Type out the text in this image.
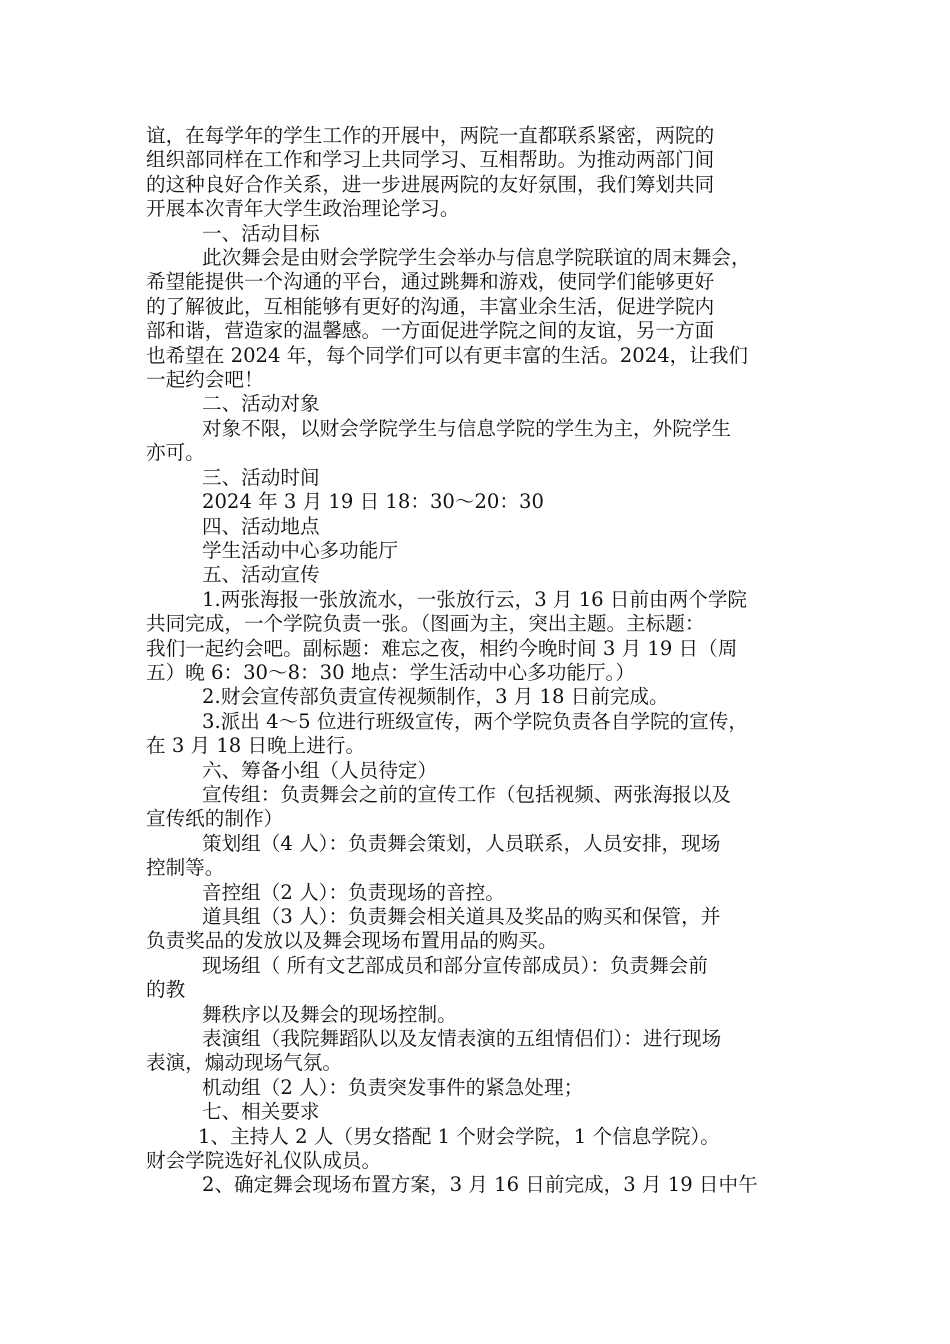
谊，在每学年的学生工作的开展中，两院一直都联系紧密，两院的

组织部同样在工作和学习上共同学习、互相帮助。为推动两部门间

的这种良好合作关系，进一步进展两院的友好氛围，我们筹划共同

开展本次青年大学生政治理论学习。

一、活动目标

此次舞会是由财会学院学生会举办与信息学院联谊的周末舞会，

希望能提供一个沟通的平台，通过跳舞和游戏，使同学们能够更好

的了解彼此，互相能够有更好的沟通，丰富业余生活，促进学院内

部和谐，营造家的温馨感。一方面促进学院之间的友谊，另一方面

也希望在 2024 年，每个同学们可以有更丰富的生活。2024，让我们

一起约会吧！

二、活动对象

对象不限，以财会学院学生与信息学院的学生为主，外院学生

亦可。

三、活动时间

2024 年 3 月 19 日 18：30～20：30

四、活动地点

学生活动中心多功能厅

五、活动宣传

1.两张海报一张放流水，一张放行云，3 月 16 日前由两个学院

共同完成，一个学院负责一张。（图画为主，突出主题。主标题：

我们一起约会吧。副标题：难忘之夜，相约今晚时间 3 月 19 日（周

五）晚 6：30～8：30 地点：学生活动中心多功能厅。）

2.财会宣传部负责宣传视频制作，3 月 18 日前完成。

3.派出 4～5 位进行班级宣传，两个学院负责各自学院的宣传，

在 3 月 18 日晚上进行。

六、筹备小组（人员待定）

宣传组：负责舞会之前的宣传工作（包括视频、两张海报以及

宣传纸的制作）

策划组（4 人）：负责舞会策划，人员联系，人员安排，现场

控制等。

音控组（2 人）：负责现场的音控。

道具组（3 人）：负责舞会相关道具及奖品的购买和保管，并

负责奖品的发放以及舞会现场布置用品的购买。

现场组（ 所有文艺部成员和部分宣传部成员）：负责舞会前

的教

舞秩序以及舞会的现场控制。

表演组（我院舞蹈队以及友情表演的五组情侣们）：进行现场

表演，煽动现场气氛。

机动组（2 人）：负责突发事件的紧急处理；

七、相关要求

1、主持人 2 人（男女搭配 1 个财会学院，1 个信息学院）。

财会学院选好礼仪队成员。

2、确定舞会现场布置方案，3 月 16 日前完成，3 月 19 日中午
